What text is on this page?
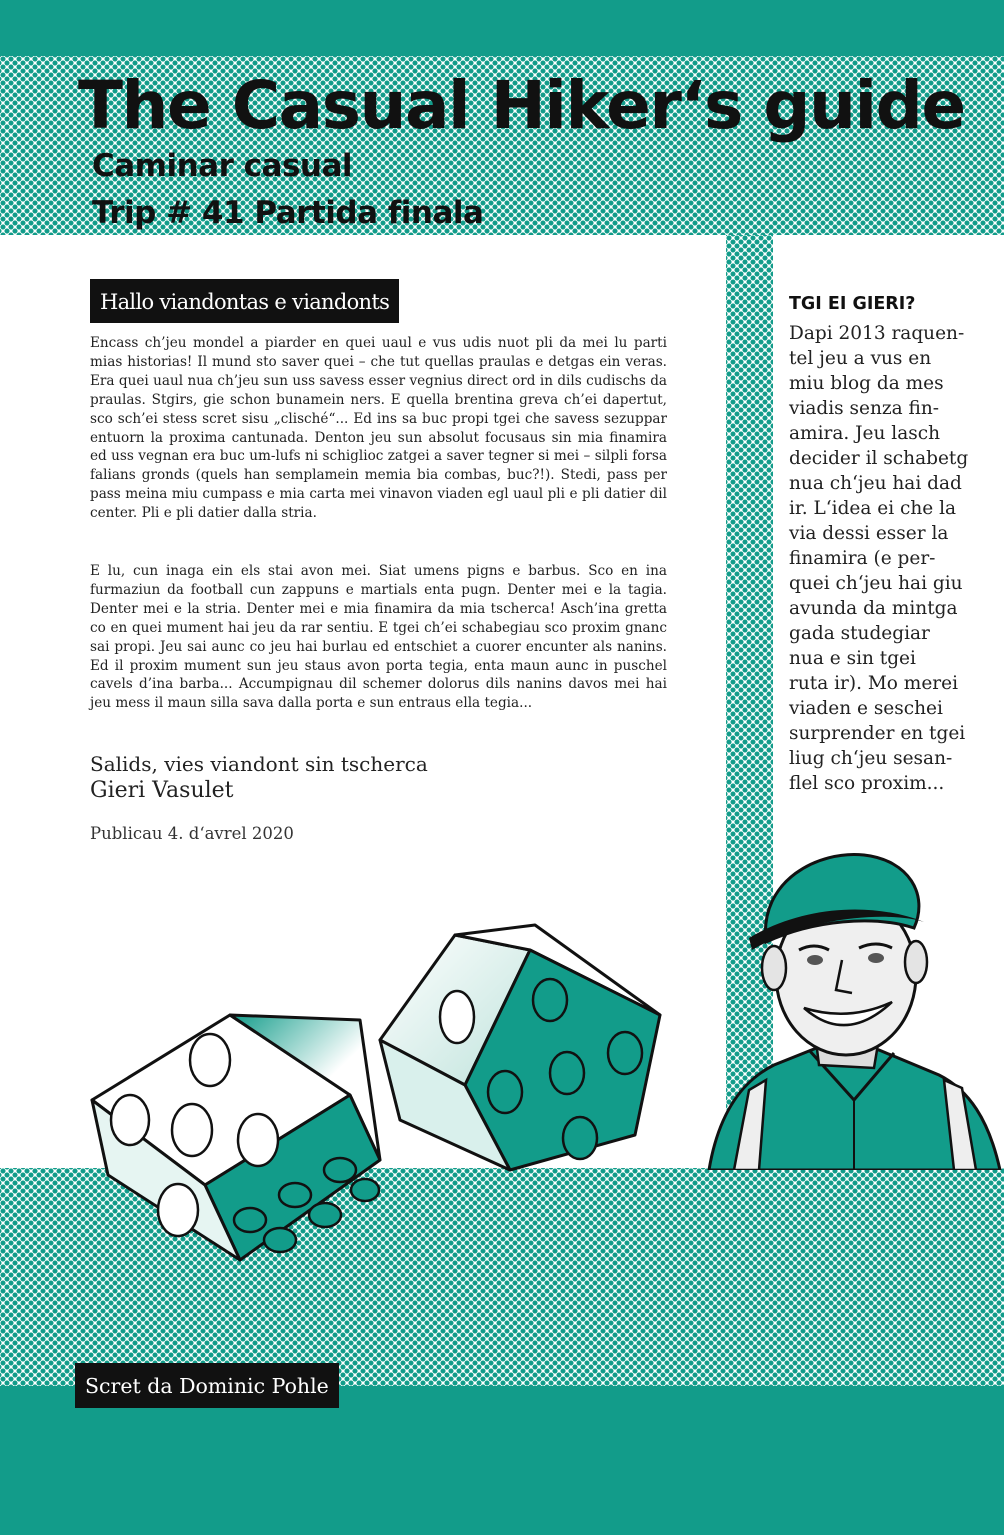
The Casual Hiker‘s guide
Caminar casual
Trip # 41 Partida finala
Hallo viandontas e viandonts

Encass ch’jeu mondel a piarder en quei uaul e vus udis nuot pli da mei lu parti mias historias! Il mund sto saver quei – che tut quellas praulas e detgas ein veras. Era quei uaul nua ch’jeu sun uss savess esser vegnius direct ord in dils cudischs da praulas. Stgirs, gie schon bunamein ners. E quella brentina greva ch’ei dapertut, sco sch’ei stess scret sisu „clisché“... Ed ins sa buc propi tgei che savess sezuppar entuorn la proxima cantunada. Denton jeu sun absolut focusaus sin mia finamira ed uss vegnan era buc um-lufs ni schiglioc zatgei a saver tegner si mei – silpli forsa falians gronds (quels han semplamein memia bia combas, buc?!). Stedi, pass per pass meina miu cumpass e mia carta mei vinavon viaden egl uaul pli e pli datier dil center. Pli e pli datier dalla stria.

E lu, cun inaga ein els stai avon mei. Siat umens pigns e barbus. Sco en ina furmaziun da football cun zappuns e martials enta pugn. Denter mei e la tagia. Denter mei e la stria. Denter mei e mia finamira da mia tscherca! Asch’ina gretta co en quei mument hai jeu da rar sentiu. E tgei ch’ei schabegiau sco proxim gnanc sai propi. Jeu sai aunc co jeu hai burlau ed entschiet a cuorer encunter als nanins. Ed il proxim mument sun jeu staus avon porta tegia, enta maun aunc in puschel cavels d’ina barba... Accumpignau dil schemer dolorus dils nanins davos mei hai jeu mess il maun silla sava dalla porta e sun entraus ella tegia...

Salids, vies viandont sin tscherca
Gieri Vasulet
Publicau 4. d‘avrel 2020
TGI EI GIERI?

Dapi 2013 raquen-
tel jeu a vus en
miu blog da mes
viadis senza fin-
amira. Jeu lasch
decider il schabetg
nua ch‘jeu hai dad
ir. L‘idea ei che la
via dessi esser la
finamira (e per-
quei ch‘jeu hai giu
avunda da mintga
gada studegiar
nua e sin tgei
ruta ir). Mo merei
viaden e seschei
surprender en tgei
liug ch‘jeu sesan-
flel sco proxim...

Scret da Dominic Pohle
